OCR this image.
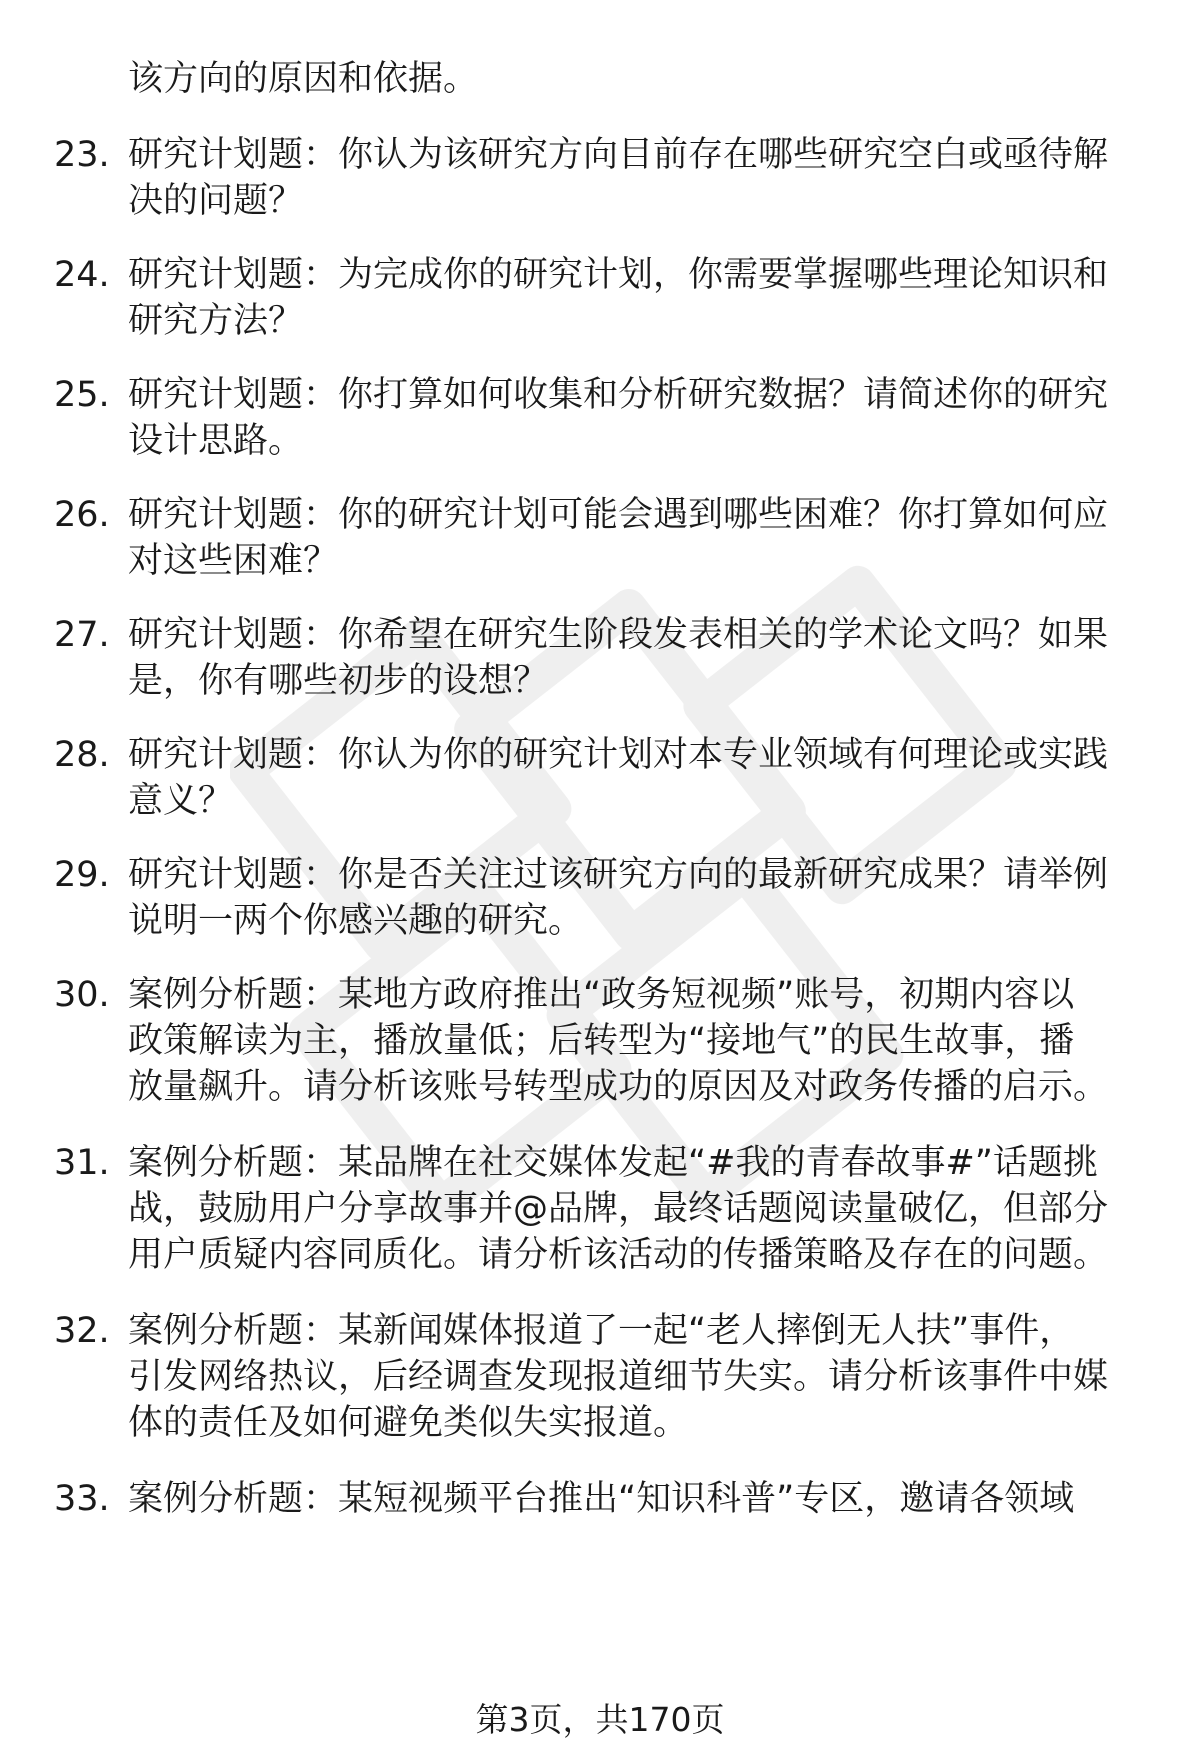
该方向的原因和依据。
23. 研究计划题：你认为该研究方向目前存在哪些研究空白或亟待解
决的问题？
24. 研究计划题：为完成你的研究计划，你需要掌握哪些理论知识和
研究方法？
25. 研究计划题：你打算如何收集和分析研究数据？请简述你的研究
设计思路。
26. 研究计划题：你的研究计划可能会遇到哪些困难？你打算如何应
对这些困难？
27. 研究计划题：你希望在研究生阶段发表相关的学术论文吗？如果
是，你有哪些初步的设想？
28. 研究计划题：你认为你的研究计划对本专业领域有何理论或实践
意义？
29. 研究计划题：你是否关注过该研究方向的最新研究成果？请举例
说明一两个你感兴趣的研究。
30. 案例分析题：某地方政府推出“政务短视频”账号，初期内容以
政策解读为主，播放量低；后转型为“接地气”的民生故事，播
放量飙升。请分析该账号转型成功的原因及对政务传播的启示。
31. 案例分析题：某品牌在社交媒体发起“#我的青春故事#”话题挑
战，鼓励用户分享故事并@品牌，最终话题阅读量破亿，但部分
用户质疑内容同质化。请分析该活动的传播策略及存在的问题。
32. 案例分析题：某新闻媒体报道了一起“老人摔倒无人扶”事件，
引发网络热议，后经调查发现报道细节失实。请分析该事件中媒
体的责任及如何避免类似失实报道。
33. 案例分析题：某短视频平台推出“知识科普”专区，邀请各领域
第3页，共170页
